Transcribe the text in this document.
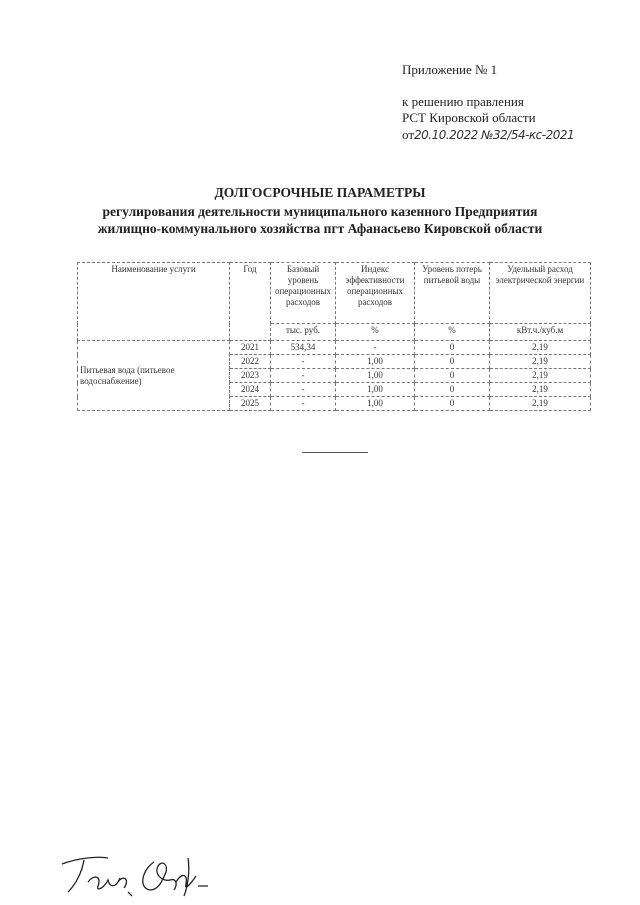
Приложение № 1
к решению правления
РСТ Кировской области
от20.10.2022 №32/54-кс-2021
ДОЛГОСРОЧНЫЕ ПАРАМЕТРЫ
регулирования деятельности муниципального казенного Предприятия
жилищно-коммунального хозяйства пгт Афанасьево Кировской области
Наименование услуги	Год	Базовый уровень операционных расходов	Индекс эффективности операционных расходов	Уровень потерь питьевой воды	Удельный расход электрической энергии
		тыс. руб.	%	%	кВт.ч./куб.м
Питьевая вода (питьевое водоснабжение)	2021	534,34	-	0	2,19
	2022	-	1,00	0	2,19
	2023	-	1,00	0	2,19
	2024	-	1,00	0	2,19
	2025	-	1,00	0	2,19
